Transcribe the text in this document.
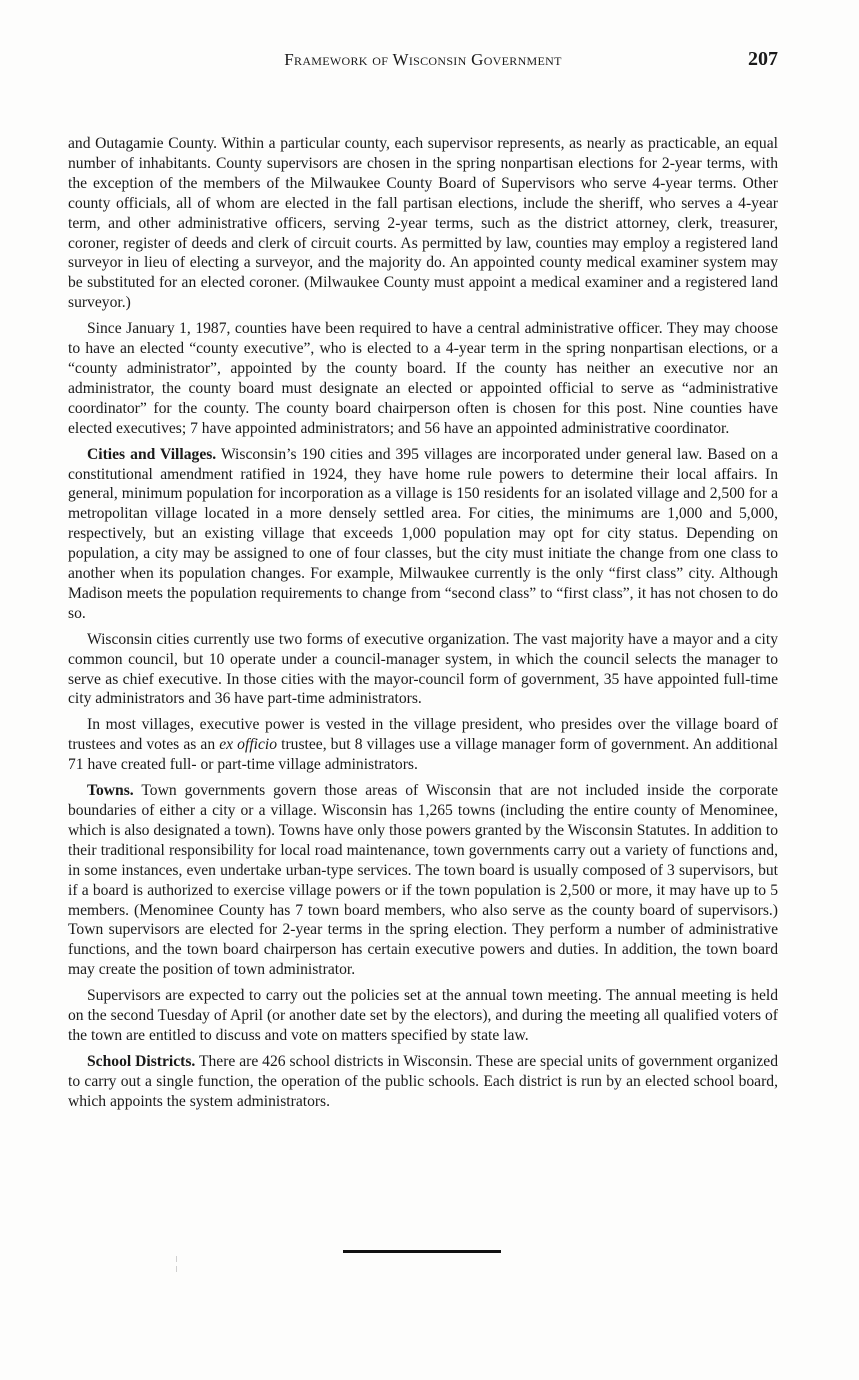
Framework of Wisconsin Government	207

and Outagamie County. Within a particular county, each supervisor represents, as nearly as practicable, an equal number of inhabitants. County supervisors are chosen in the spring nonpartisan elections for 2-year terms, with the exception of the members of the Milwaukee County Board of Supervisors who serve 4-year terms. Other county officials, all of whom are elected in the fall partisan elections, include the sheriff, who serves a 4-year term, and other administrative officers, serving 2-year terms, such as the district attorney, clerk, treasurer, coroner, register of deeds and clerk of circuit courts. As permitted by law, counties may employ a registered land surveyor in lieu of electing a surveyor, and the majority do. An appointed county medical examiner system may be substituted for an elected coroner. (Milwaukee County must appoint a medical examiner and a registered land surveyor.)

Since January 1, 1987, counties have been required to have a central administrative officer. They may choose to have an elected “county executive”, who is elected to a 4-year term in the spring nonpartisan elections, or a “county administrator”, appointed by the county board. If the county has neither an executive nor an administrator, the county board must designate an elected or appointed official to serve as “administrative coordinator” for the county. The county board chairperson often is chosen for this post. Nine counties have elected executives; 7 have appointed administrators; and 56 have an appointed administrative coordinator.

Cities and Villages. Wisconsin’s 190 cities and 395 villages are incorporated under general law. Based on a constitutional amendment ratified in 1924, they have home rule powers to determine their local affairs. In general, minimum population for incorporation as a village is 150 residents for an isolated village and 2,500 for a metropolitan village located in a more densely settled area. For cities, the minimums are 1,000 and 5,000, respectively, but an existing village that exceeds 1,000 population may opt for city status. Depending on population, a city may be assigned to one of four classes, but the city must initiate the change from one class to another when its population changes. For example, Milwaukee currently is the only “first class” city. Although Madison meets the population requirements to change from “second class” to “first class”, it has not chosen to do so.

Wisconsin cities currently use two forms of executive organization. The vast majority have a mayor and a city common council, but 10 operate under a council-manager system, in which the council selects the manager to serve as chief executive. In those cities with the mayor-council form of government, 35 have appointed full-time city administrators and 36 have part-time administrators.

In most villages, executive power is vested in the village president, who presides over the village board of trustees and votes as an ex officio trustee, but 8 villages use a village manager form of government. An additional 71 have created full- or part-time village administrators.

Towns. Town governments govern those areas of Wisconsin that are not included inside the corporate boundaries of either a city or a village. Wisconsin has 1,265 towns (including the entire county of Menominee, which is also designated a town). Towns have only those powers granted by the Wisconsin Statutes. In addition to their traditional responsibility for local road maintenance, town governments carry out a variety of functions and, in some instances, even undertake urban-type services. The town board is usually composed of 3 supervisors, but if a board is authorized to exercise village powers or if the town population is 2,500 or more, it may have up to 5 members. (Menominee County has 7 town board members, who also serve as the county board of supervisors.) Town supervisors are elected for 2-year terms in the spring election. They perform a number of administrative functions, and the town board chairperson has certain executive powers and duties. In addition, the town board may create the position of town administrator.

Supervisors are expected to carry out the policies set at the annual town meeting. The annual meeting is held on the second Tuesday of April (or another date set by the electors), and during the meeting all qualified voters of the town are entitled to discuss and vote on matters specified by state law.

School Districts. There are 426 school districts in Wisconsin. These are special units of government organized to carry out a single function, the operation of the public schools. Each district is run by an elected school board, which appoints the system administrators.
